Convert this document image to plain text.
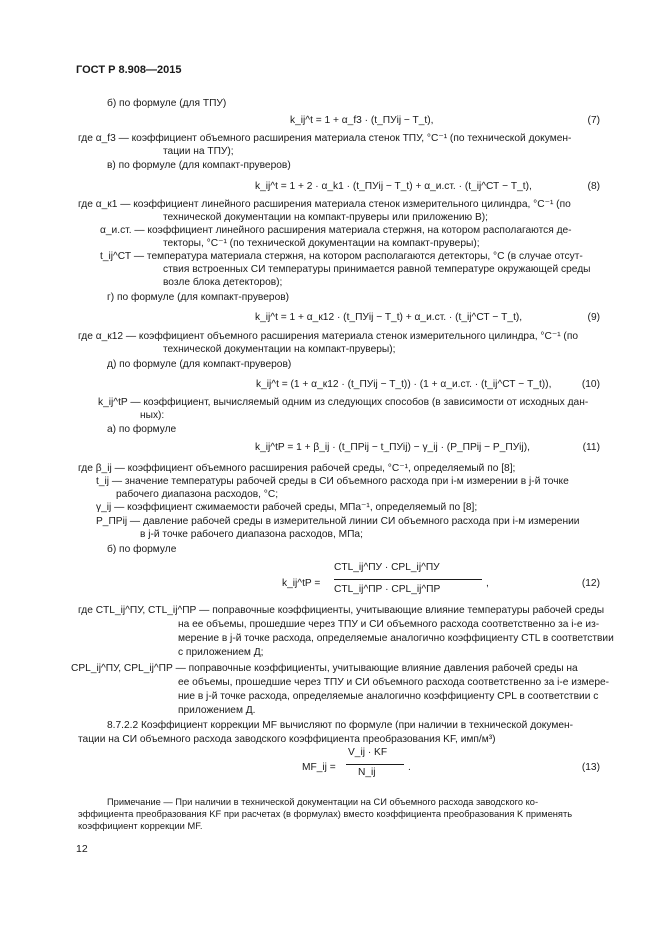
ГОСТ Р 8.908—2015
б) по формуле (для ТПУ)
k_ij^t = 1 + α_f3 · (t_ПУij − T_t),
где α_f3 — коэффициент объемного расширения материала стенок ТПУ, °С⁻¹ (по технической докумен-
тации на ТПУ);
в) по формуле (для компакт-пруверов)
k_ij^t = 1 + 2 · α_k1 · (t_ПУij − T_t) + α_и.ст. · (t_ij^СТ − T_t),
где α_к1 — коэффициент линейного расширения материала стенок измерительного цилиндра, °С⁻¹ (по
технической документации на компакт-пруверы или приложению В);
α_и.ст. — коэффициент линейного расширения материала стержня, на котором располагаются де-
текторы, °С⁻¹ (по технической документации на компакт-пруверы);
t_ij^СТ — температура материала стержня, на котором располагаются детекторы, °С (в случае отсут-
ствия встроенных СИ температуры принимается равной температуре окружающей среды
возле блока детекторов);
г) по формуле (для компакт-пруверов)
k_ij^t = 1 + α_к12 · (t_ПУij − T_t) + α_и.ст. · (t_ij^СТ − T_t),
где α_к12 — коэффициент объемного расширения материала стенок измерительного цилиндра, °С⁻¹ (по
технической документации на компакт-пруверы);
д) по формуле (для компакт-пруверов)
k_ij^t = (1 + α_к12 · (t_ПУij − T_t)) · (1 + α_и.ст. · (t_ij^СТ − T_t)),
k_ij^tP — коэффициент, вычисляемый одним из следующих способов (в зависимости от исходных дан-
ных):
а) по формуле
k_ij^tP = 1 + β_ij · (t_ПРij − t_ПУij) − γ_ij · (P_ПРij − P_ПУij),
где β_ij — коэффициент объемного расширения рабочей среды, °С⁻¹, определяемый по [8];
t_ij — значение температуры рабочей среды в СИ объемного расхода при i-м измерении в j-й точке
рабочего диапазона расходов, °С;
γ_ij — коэффициент сжимаемости рабочей среды, МПа⁻¹, определяемый по [8];
P_ПРij — давление рабочей среды в измерительной линии СИ объемного расхода при i-м измерении
в j-й точке рабочего диапазона расходов, МПа;
б) по формуле
k_ij^tP =
CTL_ij^ПУ · CPL_ij^ПУ
CTL_ij^ПР · CPL_ij^ПР
,
где CTL_ij^ПУ, CTL_ij^ПР — поправочные коэффициенты, учитывающие влияние температуры рабочей среды
на ее объемы, прошедшие через ТПУ и СИ объемного расхода соответственно за i-е из-
мерение в j-й точке расхода, определяемые аналогично коэффициенту CTL в соответствии
с приложением Д;
CPL_ij^ПУ, CPL_ij^ПР — поправочные коэффициенты, учитывающие влияние давления рабочей среды на
ее объемы, прошедшие через ТПУ и СИ объемного расхода соответственно за i-е измере-
ние в j-й точке расхода, определяемые аналогично коэффициенту CPL в соответствии с
приложением Д.
8.7.2.2 Коэффициент коррекции MF вычисляют по формуле (при наличии в технической докумен-
тации на СИ объемного расхода заводского коэффициента преобразования KF, имп/м³)
MF_ij =
V_ij · KF
N_ij	.
(7)
(8)
(9)
(10)
(11)
(12)
(13)
Примечание — При наличии в технической документации на СИ объемного расхода заводского ко-
эффициента преобразования KF при расчетах (в формулах) вместо коэффициента преобразования K применять
коэффициент коррекции MF.
12
